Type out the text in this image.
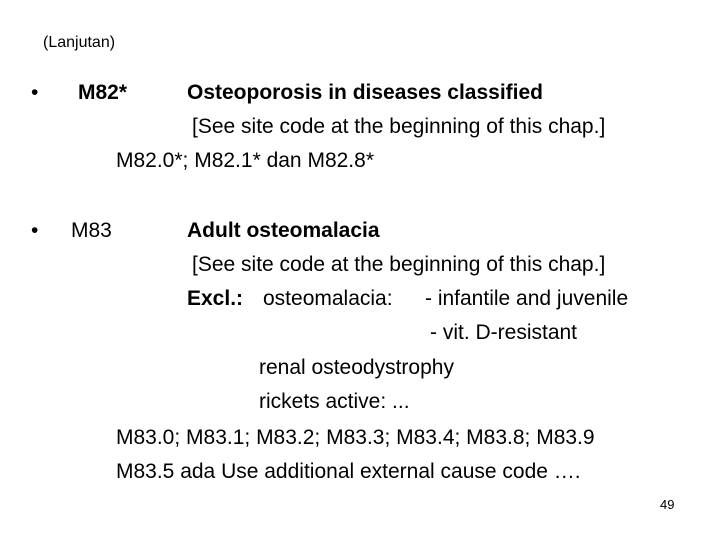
(Lanjutan)
• M82*	Osteoporosis in diseases classified
[See site code at the beginning of this chap.]
M82.0*; M82.1* dan M82.8*
• M83	Adult osteomalacia
[See site code at the beginning of this chap.]
Excl.: osteomalacia: - infantile and juvenile
- vit. D-resistant
renal osteodystrophy
rickets active: ...
M83.0; M83.1; M83.2; M83.3; M83.4; M83.8; M83.9
M83.5 ada Use additional external cause code ….
49
